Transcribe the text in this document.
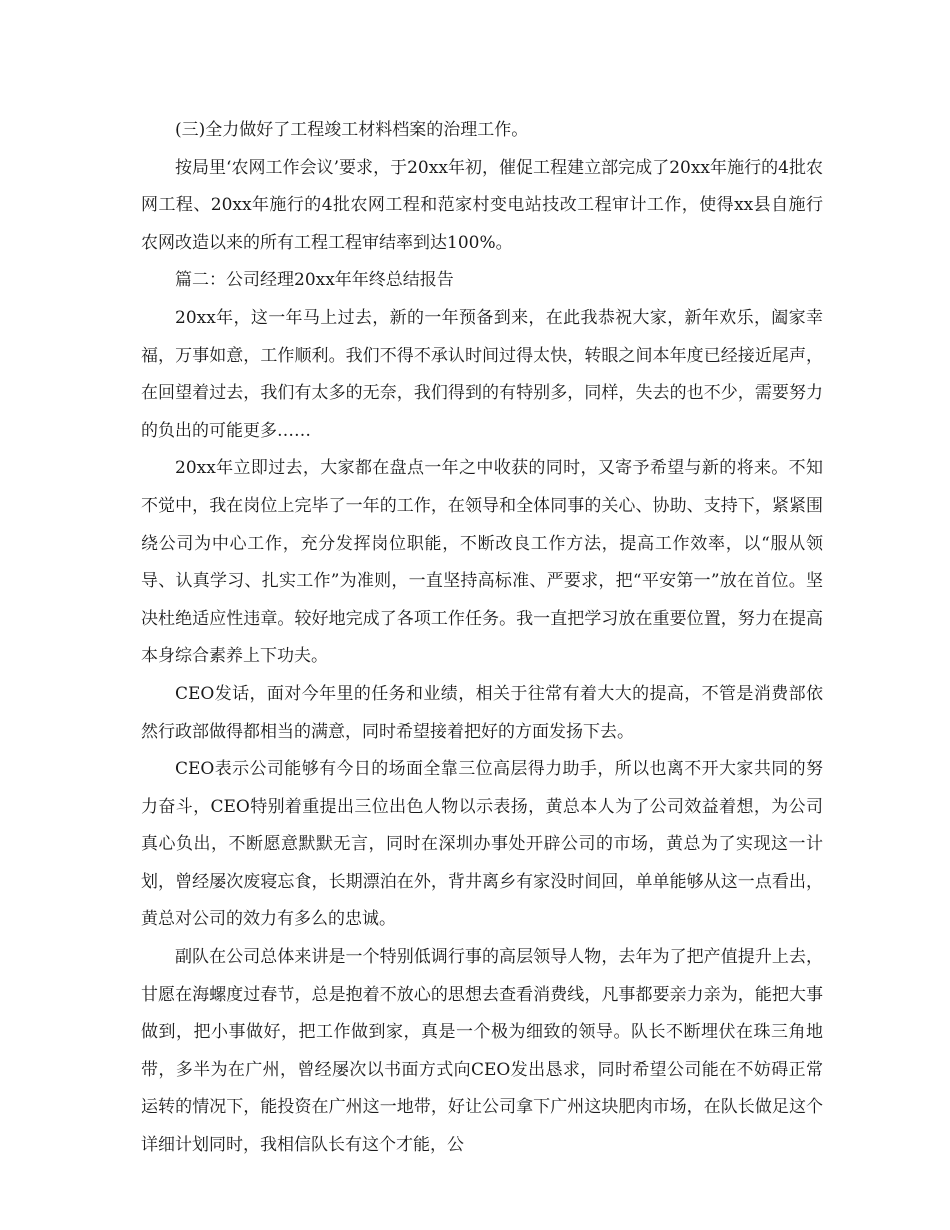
(三)全力做好了工程竣工材料档案的治理工作。

按局里‘农网工作会议’要求，于20xx年初，催促工程建立部完成了20xx年施行的4批农网工程、20xx年施行的4批农网工程和范家村变电站技改工程审计工作，使得xx县自施行农网改造以来的所有工程工程审结率到达100%。

篇二：公司经理20xx年年终总结报告

20xx年，这一年马上过去，新的一年预备到来，在此我恭祝大家，新年欢乐，阖家幸福，万事如意，工作顺利。我们不得不承认时间过得太快，转眼之间本年度已经接近尾声，在回望着过去，我们有太多的无奈，我们得到的有特别多，同样，失去的也不少，需要努力的负出的可能更多……

20xx年立即过去，大家都在盘点一年之中收获的同时，又寄予希望与新的将来。不知不觉中，我在岗位上完毕了一年的工作，在领导和全体同事的关心、协助、支持下，紧紧围绕公司为中心工作，充分发挥岗位职能，不断改良工作方法，提高工作效率，以“服从领导、认真学习、扎实工作”为准则，一直坚持高标准、严要求，把“平安第一”放在首位。坚决杜绝适应性违章。较好地完成了各项工作任务。我一直把学习放在重要位置，努力在提高本身综合素养上下功夫。

CEO发话，面对今年里的任务和业绩，相关于往常有着大大的提高，不管是消费部依然行政部做得都相当的满意，同时希望接着把好的方面发扬下去。

CEO表示公司能够有今日的场面全靠三位高层得力助手，所以也离不开大家共同的努力奋斗，CEO特别着重提出三位出色人物以示表扬，黄总本人为了公司效益着想，为公司真心负出，不断愿意默默无言，同时在深圳办事处开辟公司的市场，黄总为了实现这一计划，曾经屡次废寝忘食，长期漂泊在外，背井离乡有家没时间回，单单能够从这一点看出，黄总对公司的效力有多么的忠诚。

副队在公司总体来讲是一个特别低调行事的高层领导人物，去年为了把产值提升上去，甘愿在海螺度过春节，总是抱着不放心的思想去查看消费线，凡事都要亲力亲为，能把大事做到，把小事做好，把工作做到家，真是一个极为细致的领导。队长不断埋伏在珠三角地带，多半为在广州，曾经屡次以书面方式向CEO发出恳求，同时希望公司能在不妨碍正常运转的情况下，能投资在广州这一地带，好让公司拿下广州这块肥肉市场，在队长做足这个详细计划同时，我相信队长有这个才能，公
